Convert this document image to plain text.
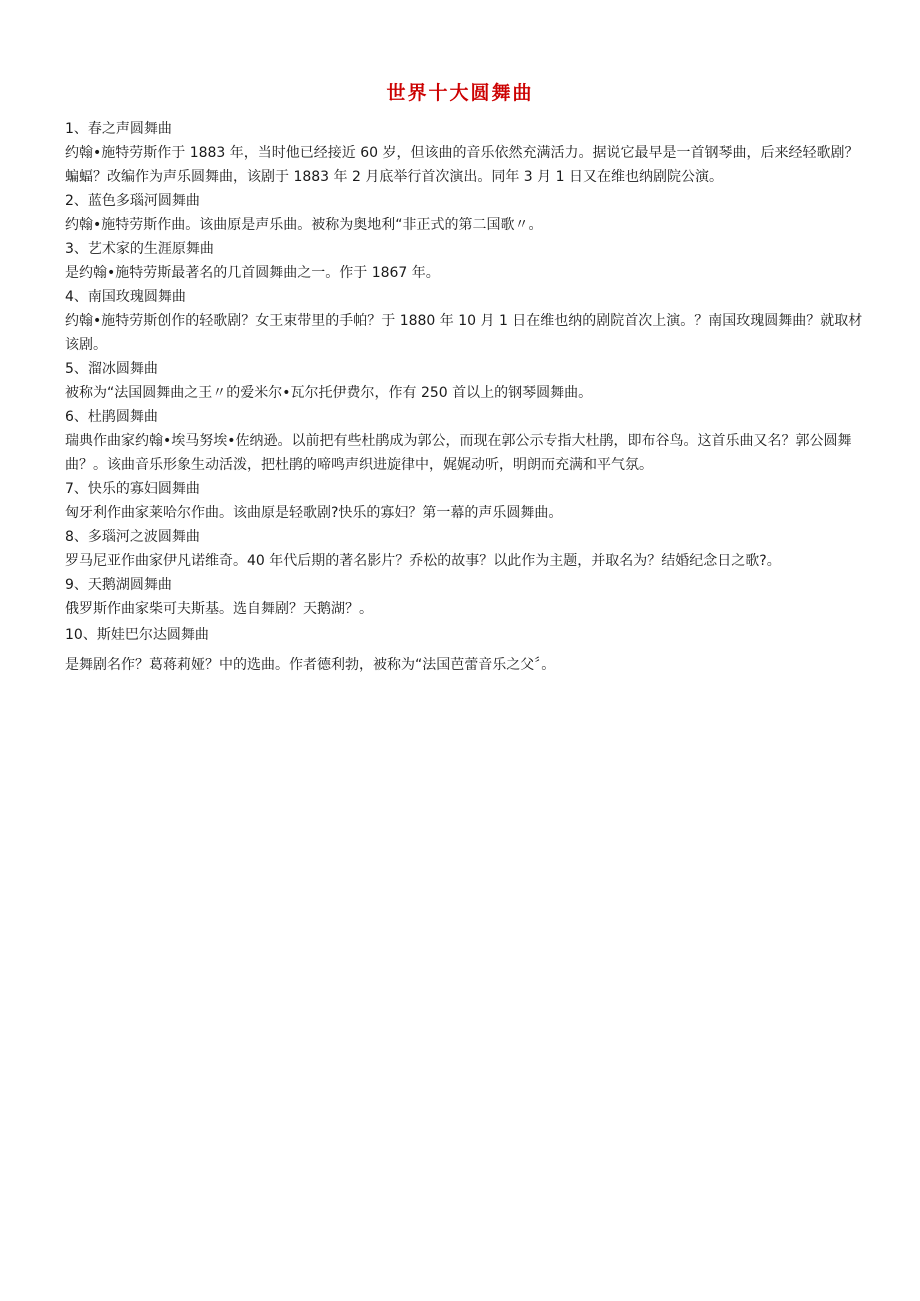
世界十大圆舞曲

1、春之声圆舞曲

约翰•施特劳斯作于 1883 年，当时他已经接近 60 岁，但该曲的音乐依然充满活力。据说它最早是一首钢琴曲，后来经轻歌剧？蝙蝠？改编作为声乐圆舞曲，该剧于 1883 年 2 月底举行首次演出。同年 3 月 1 日又在维也纳剧院公演。

2、蓝色多瑙河圆舞曲

约翰•施特劳斯作曲。该曲原是声乐曲。被称为奥地利“非正式的第二国歌〃。

3、艺术家的生涯原舞曲

是约翰•施特劳斯最著名的几首圆舞曲之一。作于 1867 年。

4、南国玫瑰圆舞曲

约翰•施特劳斯创作的轻歌剧？女王束带里的手帕？于 1880 年 10 月 1 日在维也纳的剧院首次上演。？南国玫瑰圆舞曲？就取材该剧。

5、溜冰圆舞曲

被称为“法国圆舞曲之王〃的爱米尔•瓦尔托伊费尔，作有 250 首以上的钢琴圆舞曲。

6、杜鹃圆舞曲

瑞典作曲家约翰•埃马努埃•佐纳逊。以前把有些杜鹃成为郭公，而现在郭公示专指大杜鹃，即布谷鸟。这首乐曲又名？郭公圆舞曲？。该曲音乐形象生动活泼，把杜鹃的啼鸣声织进旋律中，娓娓动听，明朗而充满和平气氛。

7、快乐的寡妇圆舞曲

匈牙利作曲家莱哈尔作曲。该曲原是轻歌剧?快乐的寡妇？第一幕的声乐圆舞曲。

8、多瑙河之波圆舞曲

罗马尼亚作曲家伊凡诺维奇。40 年代后期的著名影片？乔松的故事？以此作为主题，并取名为？结婚纪念日之歌?。

9、天鹅湖圆舞曲

俄罗斯作曲家柴可夫斯基。选自舞剧？天鹅湖？。

10、斯娃巴尔达圆舞曲

是舞剧名作？葛蒋莉娅？中的选曲。作者德利勃，被称为“法国芭蕾音乐之父〞。
